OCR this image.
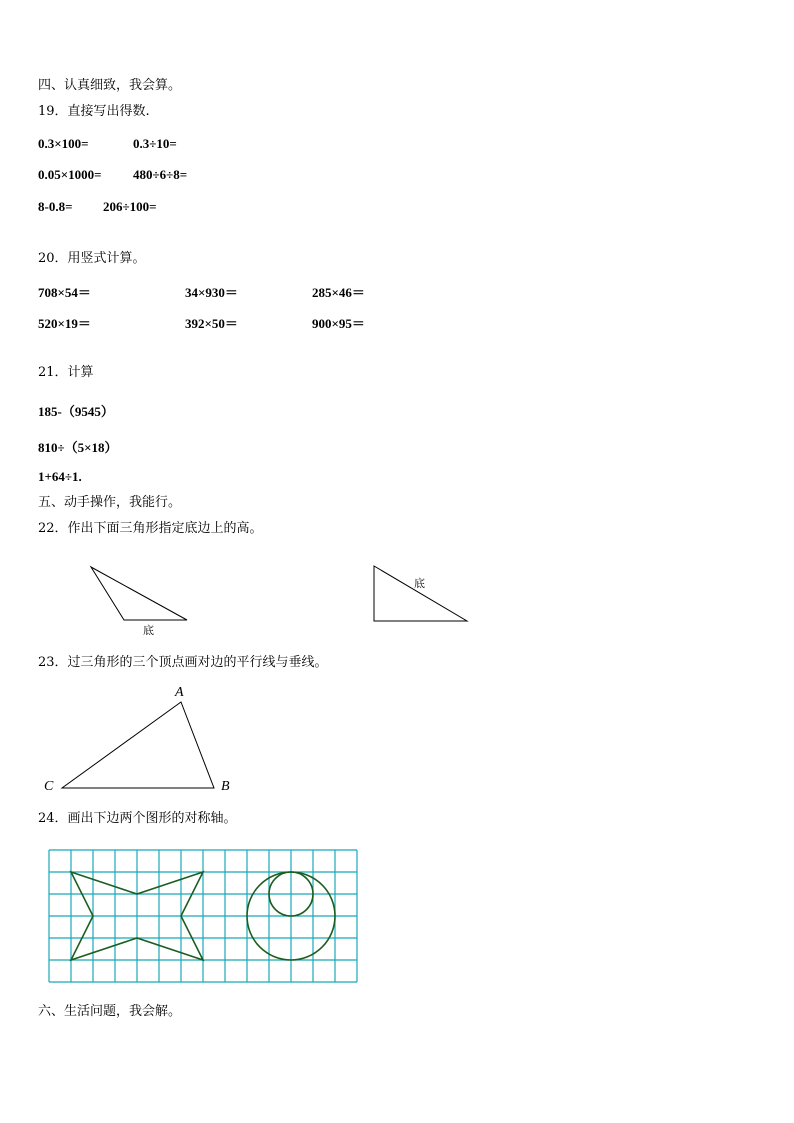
四、认真细致，我会算。
19．直接写出得数.
0.3×100=	0.3÷10=
0.05×1000= 480÷6÷8=
8-0.8= 206÷100=
20．用竖式计算。
708×54＝	34×930＝	285×46＝
520×19＝	392×50＝	900×95＝
21．计算
185-（9545）
810÷（5×18）
1+64÷1.
五、动手操作，我能行。
22．作出下面三角形指定底边上的高。
底
底
23．过三角形的三个顶点画对边的平行线与垂线。
A
B
C
24．画出下边两个图形的对称轴。
六、生活问题，我会解。
